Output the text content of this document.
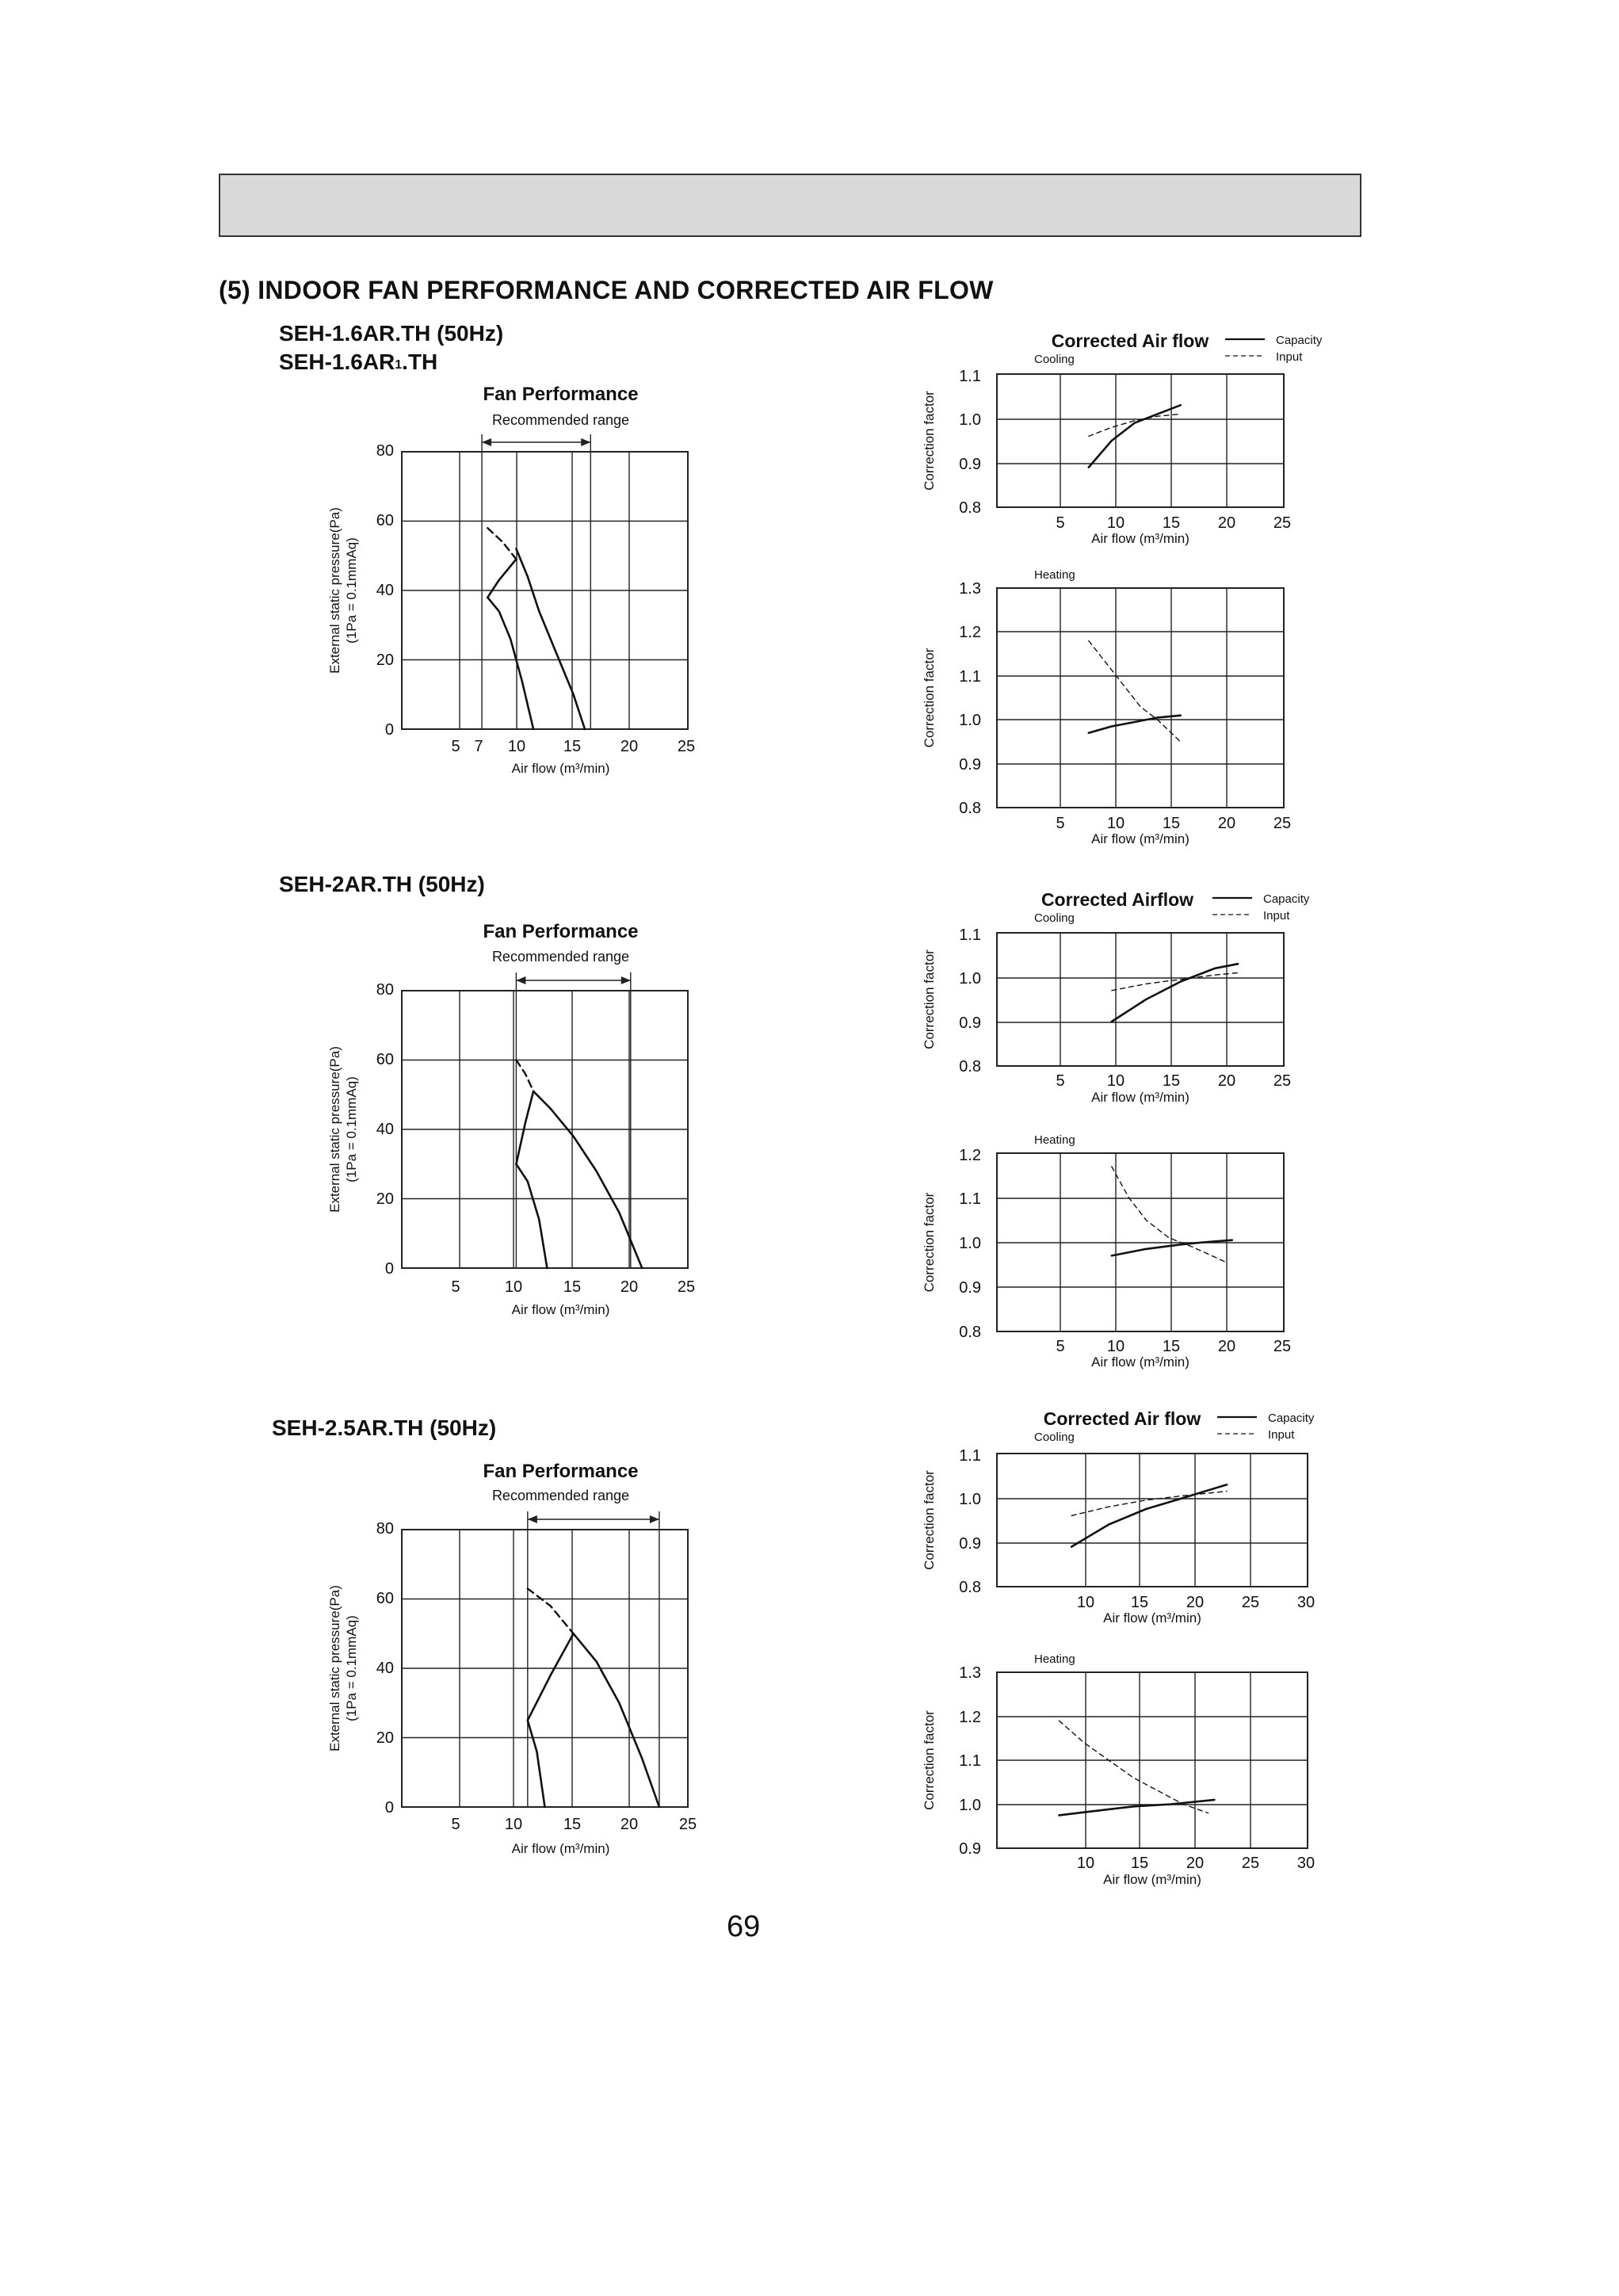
(5) INDOOR FAN PERFORMANCE AND CORRECTED AIR FLOW
SEH-1.6AR.TH (50Hz)
SEH-$1.6AR_1.TH$
SEH-2AR.TH (50Hz)
SEH-2.5AR.TH (50Hz)
69
Fan Performance
Recommended range
5 7 10 15 20 25
0
20
40
60
80
Air flow (m³/min)
External static pressure(Pa) (1Pa = 0.1mmAq)
Fan Performance
Recommended range
5	10	15 20 25
0
20
40
60
80
Air flow (m³/min)
External static pressure(Pa) (1Pa = 0.1mmAq)
Fan Performance
Recommended range
5	10	15 20	25
0
20
40
60
80
Air flow (m³/min)
External static pressure(Pa) (1Pa = 0.1mmAq)
Corrected Air flow
Cooling
Capacity
Input
5	10 15 20 25
0.8
0.9
1.0
1.1
Air flow (m³/min)
Correction factor
Heating
5	10 15 20 25
0.8
0.9
1.0
1.1
1.2
1.3
Air flow (m³/min)
Correction factor
Corrected Airflow
Cooling
Capacity
Input
5	10 15 20 25
0.8
0.9
1.0
1.1
Air flow (m³/min)
Correction factor
Heating
5	10 15 20 25
0.8
0.9
1.0
1.1
1.2
Air flow (m³/min)
Correction factor
Corrected Air flow
Cooling
Capacity
Input
10 15 20 25 30
0.8
0.9
1.0
1.1
Air flow (m³/min)
Correction factor
Heating
10 15 20 25 30
0.9
1.0
1.1
1.2
1.3
Air flow (m³/min)
Correction factor
